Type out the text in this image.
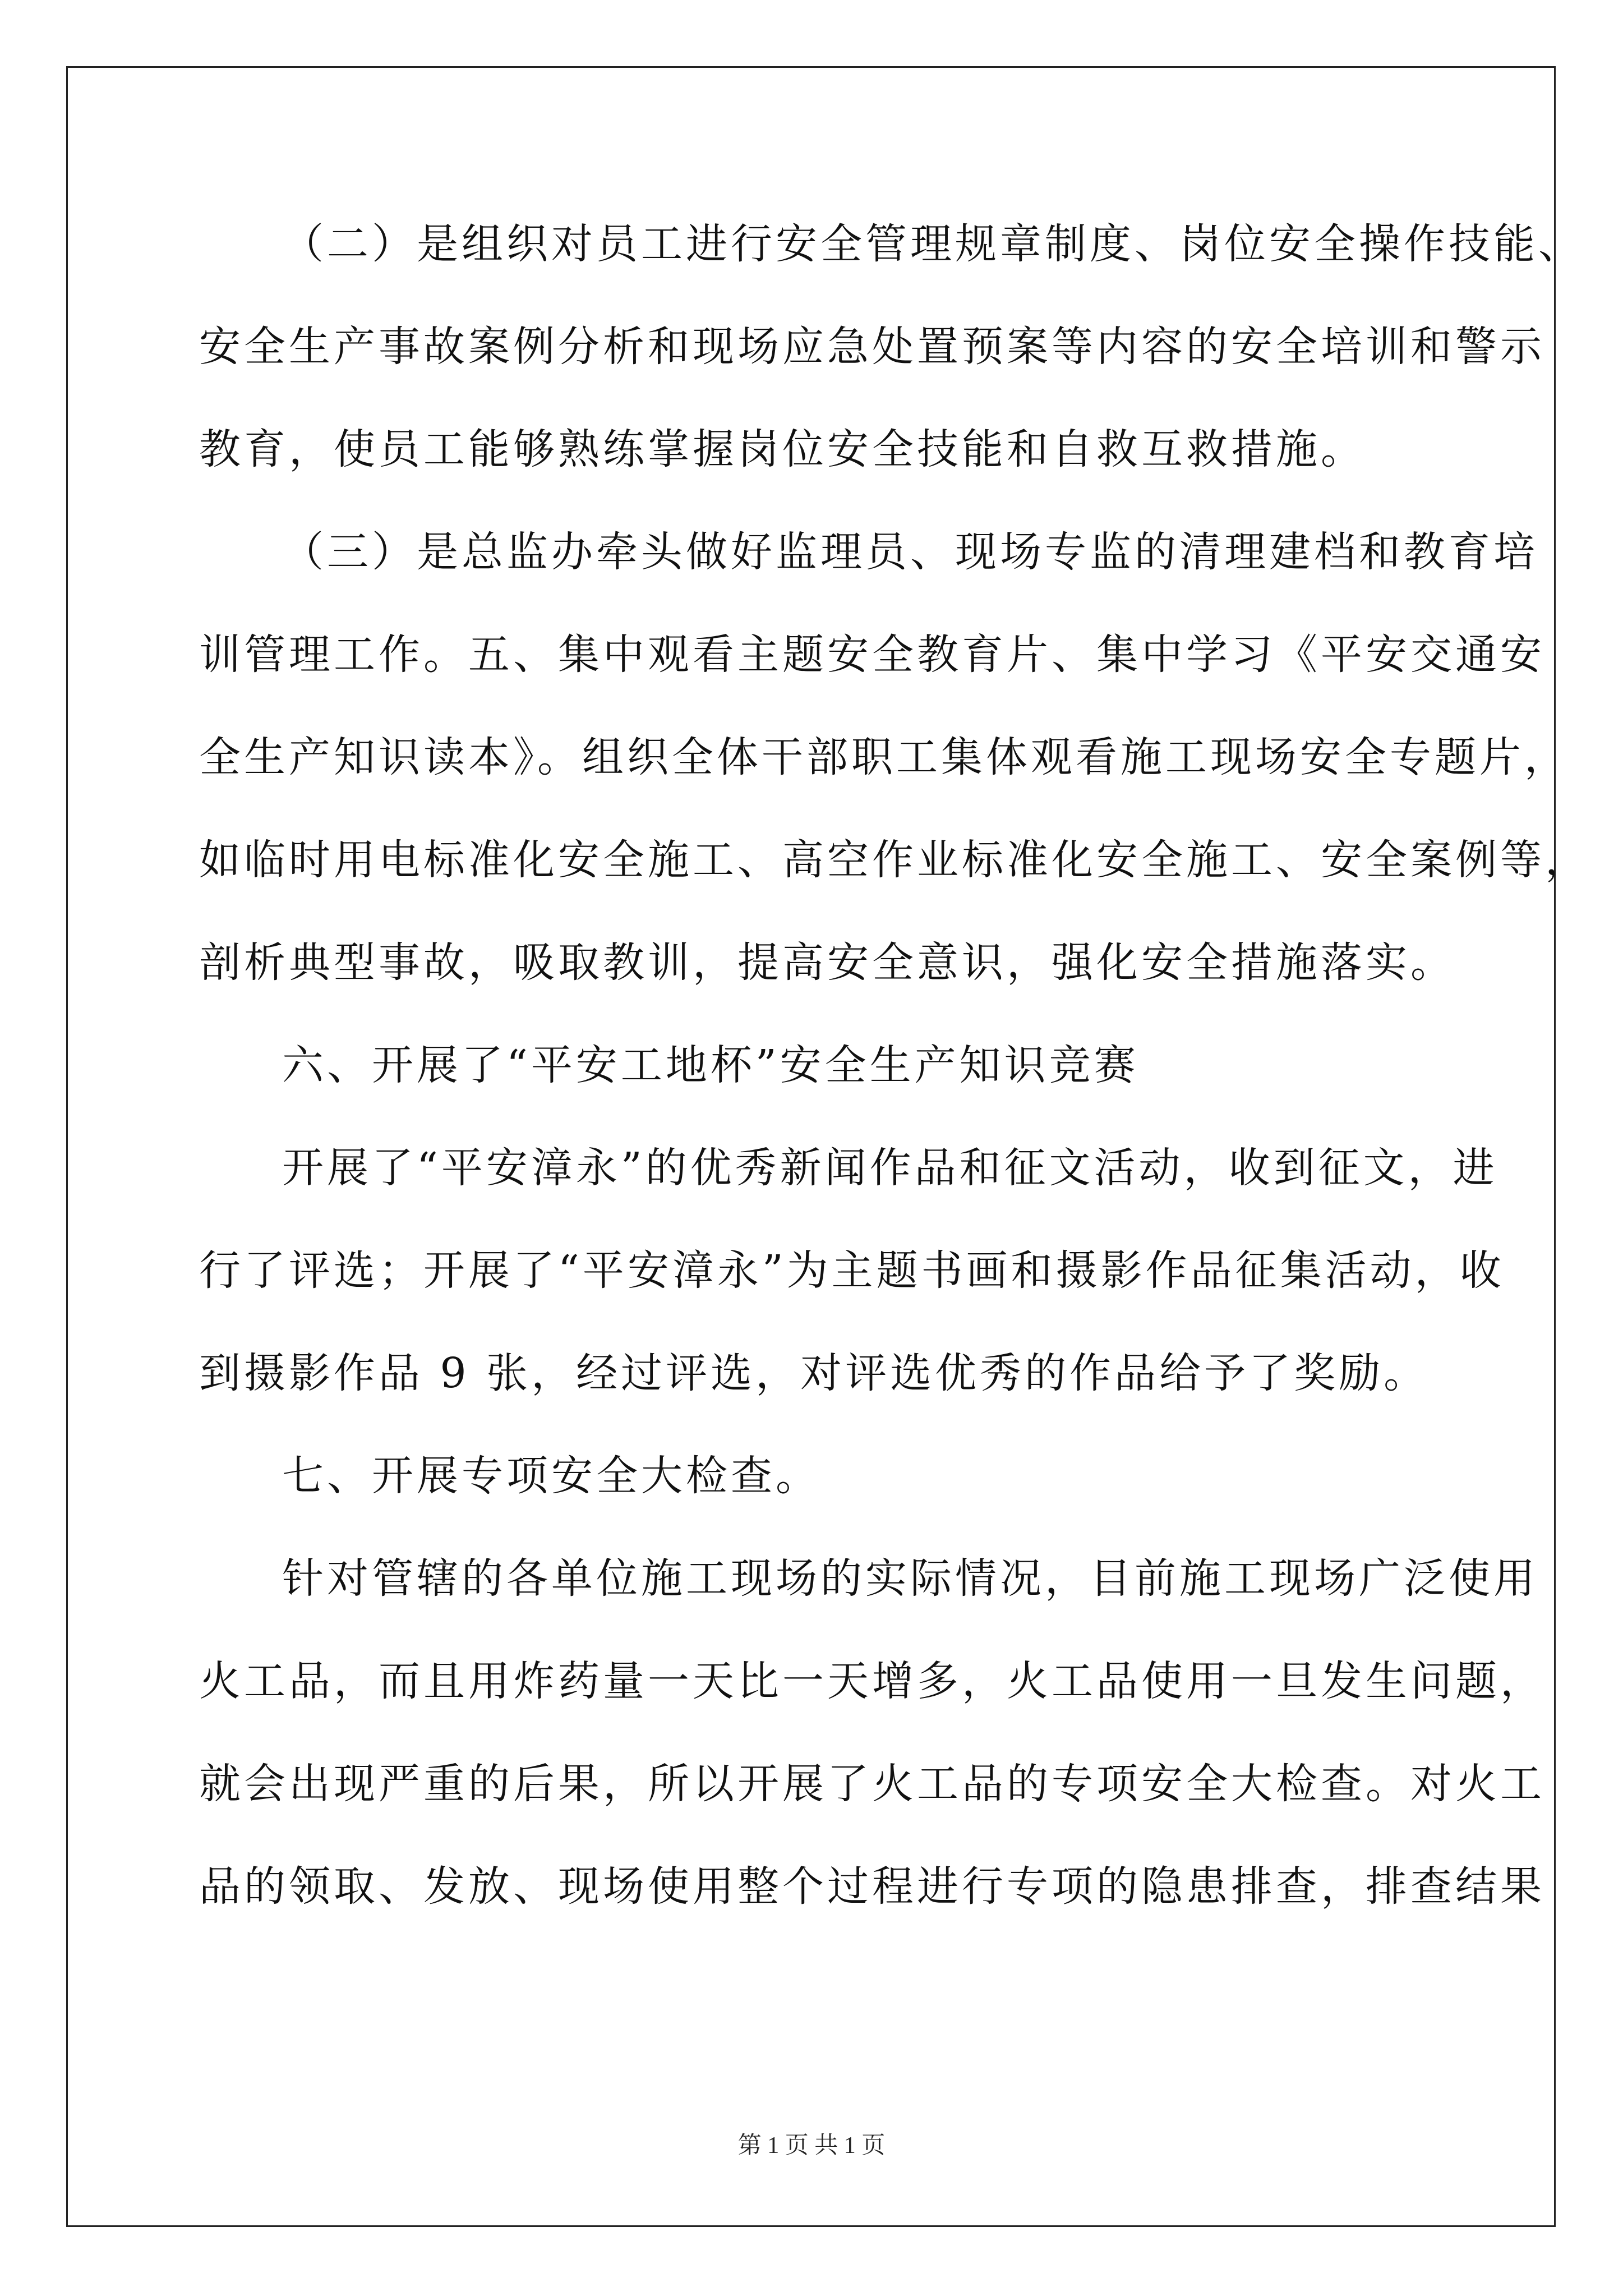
（二）是组织对员工进行安全管理规章制度、岗位安全操作技能、
安全生产事故案例分析和现场应急处置预案等内容的安全培训和警示
教育，使员工能够熟练掌握岗位安全技能和自救互救措施。
（三）是总监办牵头做好监理员、现场专监的清理建档和教育培
训管理工作。五、集中观看主题安全教育片、集中学习《平安交通安
全生产知识读本》。组织全体干部职工集体观看施工现场安全专题片，
如临时用电标准化安全施工、高空作业标准化安全施工、安全案例等，
剖析典型事故，吸取教训，提高安全意识，强化安全措施落实。
六、开展了“平安工地杯”安全生产知识竞赛
开展了“平安漳永”的优秀新闻作品和征文活动，收到征文，进
行了评选；开展了“平安漳永”为主题书画和摄影作品征集活动，收
到摄影作品 9 张，经过评选，对评选优秀的作品给予了奖励。
七、开展专项安全大检查。
针对管辖的各单位施工现场的实际情况，目前施工现场广泛使用
火工品，而且用炸药量一天比一天增多，火工品使用一旦发生问题，
就会出现严重的后果，所以开展了火工品的专项安全大检查。对火工
品的领取、发放、现场使用整个过程进行专项的隐患排查，排查结果
第 1 页 共 1 页
